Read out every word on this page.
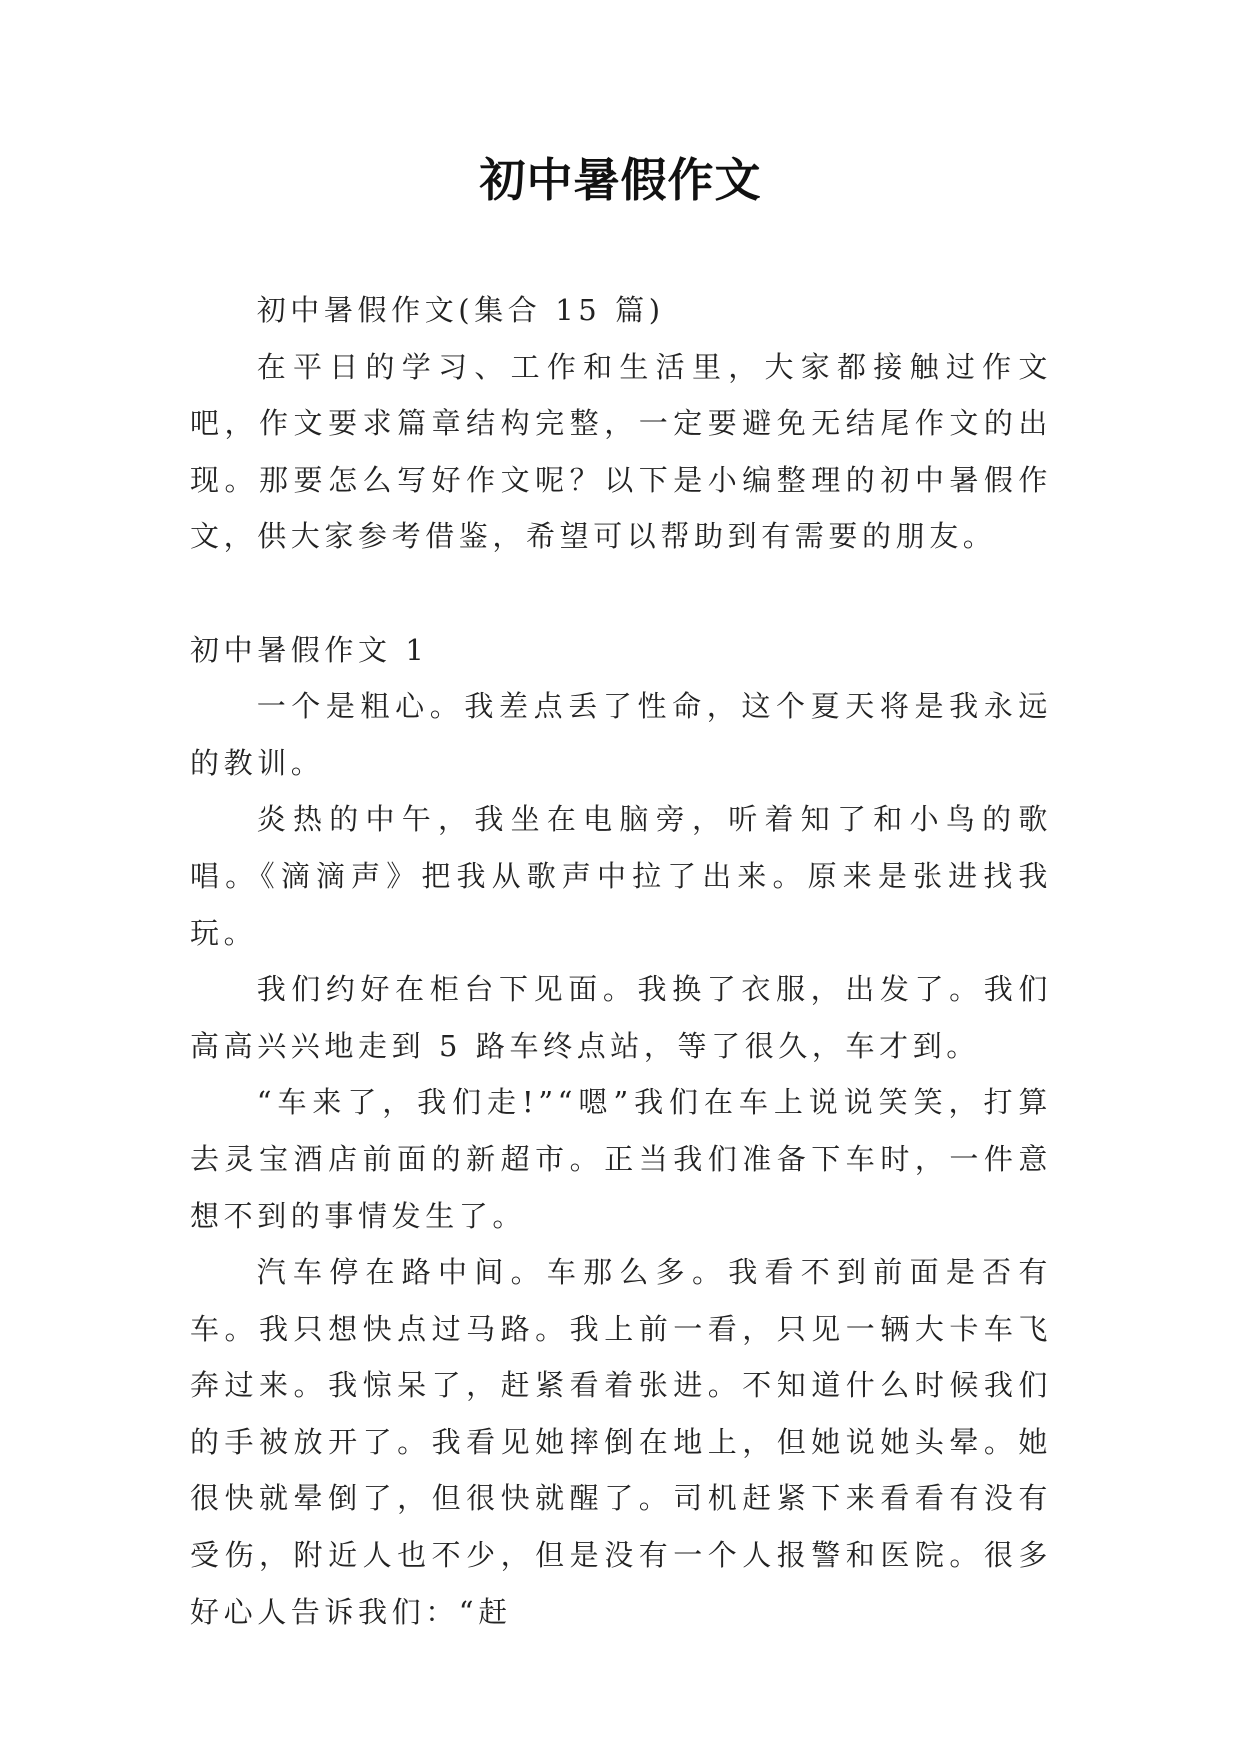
初中暑假作文

初中暑假作文(集合 15 篇)

在平日的学习、工作和生活里，大家都接触过作文吧，作文要求篇章结构完整，一定要避免无结尾作文的出现。那要怎么写好作文呢？以下是小编整理的初中暑假作文，供大家参考借鉴，希望可以帮助到有需要的朋友。

初中暑假作文 1

一个是粗心。我差点丢了性命，这个夏天将是我永远的教训。

炎热的中午，我坐在电脑旁，听着知了和小鸟的歌唱。《滴滴声》把我从歌声中拉了出来。原来是张进找我玩。

我们约好在柜台下见面。我换了衣服，出发了。我们高高兴兴地走到 5 路车终点站，等了很久，车才到。

“车来了，我们走!”“嗯”我们在车上说说笑笑，打算去灵宝酒店前面的新超市。正当我们准备下车时，一件意想不到的事情发生了。

汽车停在路中间。车那么多。我看不到前面是否有车。我只想快点过马路。我上前一看，只见一辆大卡车飞奔过来。我惊呆了，赶紧看着张进。不知道什么时候我们的手被放开了。我看见她摔倒在地上，但她说她头晕。她很快就晕倒了，但很快就醒了。司机赶紧下来看看有没有受伤，附近人也不少，但是没有一个人报警和医院。很多好心人告诉我们：“赶
